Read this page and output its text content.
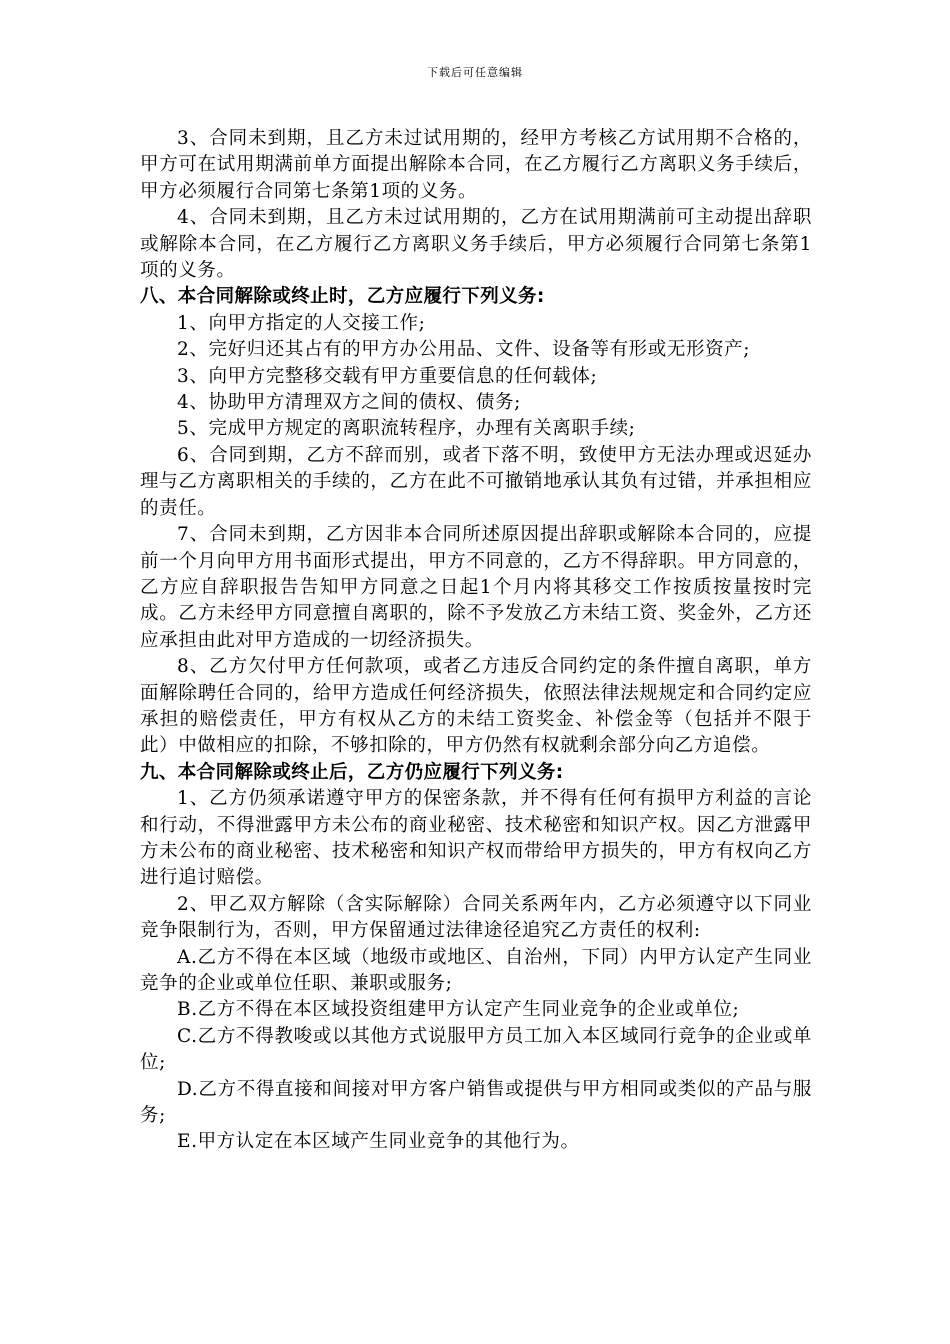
下载后可任意编辑

3、合同未到期，且乙方未过试用期的，经甲方考核乙方试用期不合格的，甲方可在试用期满前单方面提出解除本合同，在乙方履行乙方离职义务手续后，甲方必须履行合同第七条第1项的义务。

4、合同未到期，且乙方未过试用期的，乙方在试用期满前可主动提出辞职或解除本合同，在乙方履行乙方离职义务手续后，甲方必须履行合同第七条第1项的义务。

八、本合同解除或终止时，乙方应履行下列义务:

1、向甲方指定的人交接工作;

2、完好归还其占有的甲方办公用品、文件、设备等有形或无形资产;

3、向甲方完整移交载有甲方重要信息的任何载体;

4、协助甲方清理双方之间的债权、债务;

5、完成甲方规定的离职流转程序，办理有关离职手续;

6、合同到期，乙方不辞而别，或者下落不明，致使甲方无法办理或迟延办理与乙方离职相关的手续的，乙方在此不可撤销地承认其负有过错，并承担相应的责任。

7、合同未到期，乙方因非本合同所述原因提出辞职或解除本合同的，应提前一个月向甲方用书面形式提出，甲方不同意的，乙方不得辞职。甲方同意的，乙方应自辞职报告告知甲方同意之日起1个月内将其移交工作按质按量按时完成。乙方未经甲方同意擅自离职的，除不予发放乙方未结工资、奖金外，乙方还应承担由此对甲方造成的一切经济损失。

8、乙方欠付甲方任何款项，或者乙方违反合同约定的条件擅自离职，单方面解除聘任合同的，给甲方造成任何经济损失，依照法律法规规定和合同约定应承担的赔偿责任，甲方有权从乙方的未结工资奖金、补偿金等（包括并不限于此）中做相应的扣除，不够扣除的，甲方仍然有权就剩余部分向乙方追偿。

九、本合同解除或终止后，乙方仍应履行下列义务:

1、乙方仍须承诺遵守甲方的保密条款，并不得有任何有损甲方利益的言论和行动，不得泄露甲方未公布的商业秘密、技术秘密和知识产权。因乙方泄露甲方未公布的商业秘密、技术秘密和知识产权而带给甲方损失的，甲方有权向乙方进行追讨赔偿。

2、甲乙双方解除（含实际解除）合同关系两年内，乙方必须遵守以下同业竞争限制行为，否则，甲方保留通过法律途径追究乙方责任的权利:

A.乙方不得在本区域（地级市或地区、自治州，下同）内甲方认定产生同业竞争的企业或单位任职、兼职或服务;

B.乙方不得在本区域投资组建甲方认定产生同业竞争的企业或单位;

C.乙方不得教唆或以其他方式说服甲方员工加入本区域同行竞争的企业或单位;

D.乙方不得直接和间接对甲方客户销售或提供与甲方相同或类似的产品与服务;

E.甲方认定在本区域产生同业竞争的其他行为。
